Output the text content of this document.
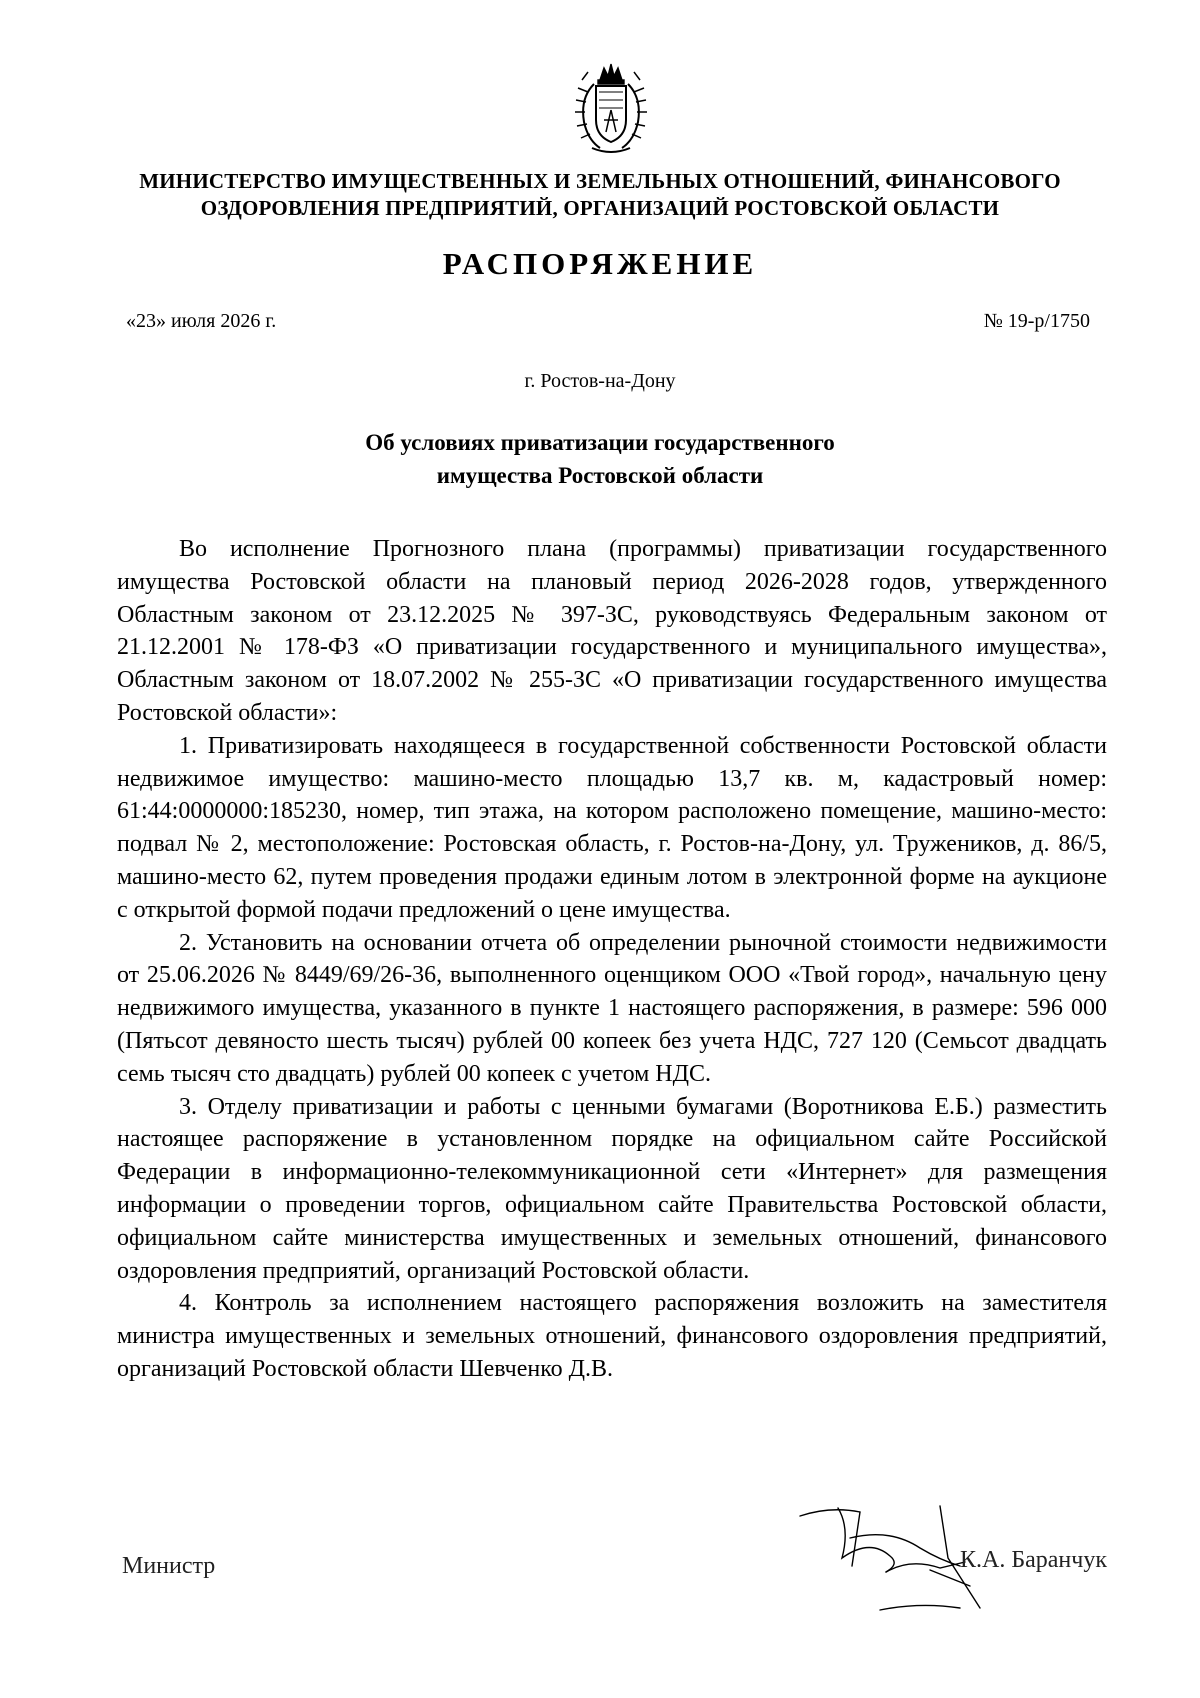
МИНИСТЕРСТВО ИМУЩЕСТВЕННЫХ И ЗЕМЕЛЬНЫХ ОТНОШЕНИЙ, ФИНАНСОВОГО
ОЗДОРОВЛЕНИЯ ПРЕДПРИЯТИЙ, ОРГАНИЗАЦИЙ РОСТОВСКОЙ ОБЛАСТИ
РАСПОРЯЖЕНИЕ
«23» июля 2026 г.	№ 19-р/1750
г. Ростов-на-Дону
Об условиях приватизации государственного
имущества Ростовской области

Во исполнение Прогнозного плана (программы) приватизации государственного имущества Ростовской области на плановый период 2026-2028 годов, утвержденного Областным законом от 23.12.2025 № 397-ЗС, руководствуясь Федеральным законом от 21.12.2001 № 178-ФЗ «О приватизации государственного и муниципального имущества», Областным законом от 18.07.2002 № 255-ЗС «О приватизации государственного имущества Ростовской области»:

1. Приватизировать находящееся в государственной собственности Ростовской области недвижимое имущество: машино-место площадью 13,7 кв. м, кадастровый номер: 61:44:0000000:185230, номер, тип этажа, на котором расположено помещение, машино-место: подвал № 2, местоположение: Ростовская область, г. Ростов-на-Дону, ул. Тружеников, д. 86/5, машино-место 62, путем проведения продажи единым лотом в электронной форме на аукционе с открытой формой подачи предложений о цене имущества.

2. Установить на основании отчета об определении рыночной стоимости недвижимости от 25.06.2026 № 8449/69/26-36, выполненного оценщиком ООО «Твой город», начальную цену недвижимого имущества, указанного в пункте 1 настоящего распоряжения, в размере: 596 000 (Пятьсот девяносто шесть тысяч) рублей 00 копеек без учета НДС, 727 120 (Семьсот двадцать семь тысяч сто двадцать) рублей 00 копеек с учетом НДС.

3. Отделу приватизации и работы с ценными бумагами (Воротникова Е.Б.) разместить настоящее распоряжение в установленном порядке на официальном сайте Российской Федерации в информационно-телекоммуникационной сети «Интернет» для размещения информации о проведении торгов, официальном сайте Правительства Ростовской области, официальном сайте министерства имущественных и земельных отношений, финансового оздоровления предприятий, организаций Ростовской области.

4. Контроль за исполнением настоящего распоряжения возложить на заместителя министра имущественных и земельных отношений, финансового оздоровления предприятий, организаций Ростовской области Шевченко Д.В.

Министр	К.А. Баранчук
